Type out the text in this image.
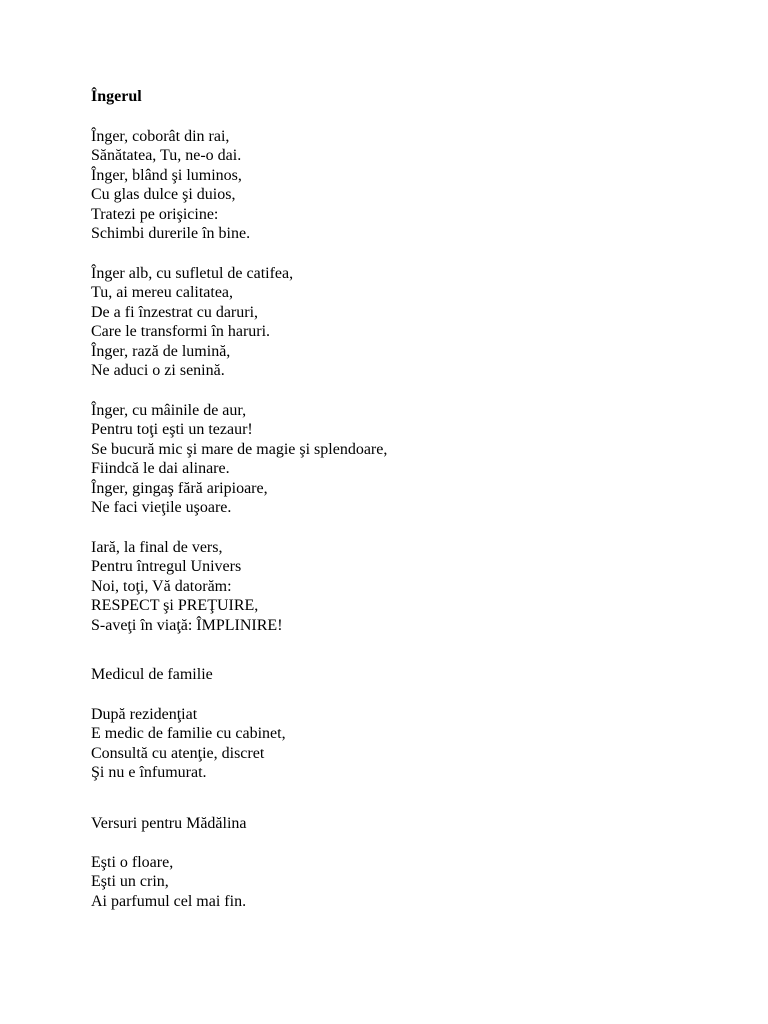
Îngerul

Înger, coborât din rai,

Sănătatea, Tu, ne-o dai.

Înger, blând şi luminos,

Cu glas dulce şi duios,

Tratezi pe orişicine:

Schimbi durerile în bine.

Înger alb, cu sufletul de catifea,

Tu, ai mereu calitatea,

De a fi înzestrat cu daruri,

Care le transformi în haruri.

Înger, rază de lumină,

Ne aduci o zi senină.

Înger, cu mâinile de aur,

Pentru toţi eşti un tezaur!

Se bucură mic şi mare de magie şi splendoare,

Fiindcă le dai alinare.

Înger, gingaş fără aripioare,

Ne faci vieţile uşoare.

Iară, la final de vers,

Pentru întregul Univers

Noi, toţi, Vă datorăm:

RESPECT şi PREŢUIRE,

S-aveţi în viaţă: ÎMPLINIRE!

Medicul de familie

După rezidenţiat

E medic de familie cu cabinet,

Consultă cu atenţie, discret

Şi nu e înfumurat.

Versuri pentru Mădălina

Eşti o floare,

Eşti un crin,

Ai parfumul cel mai fin.
